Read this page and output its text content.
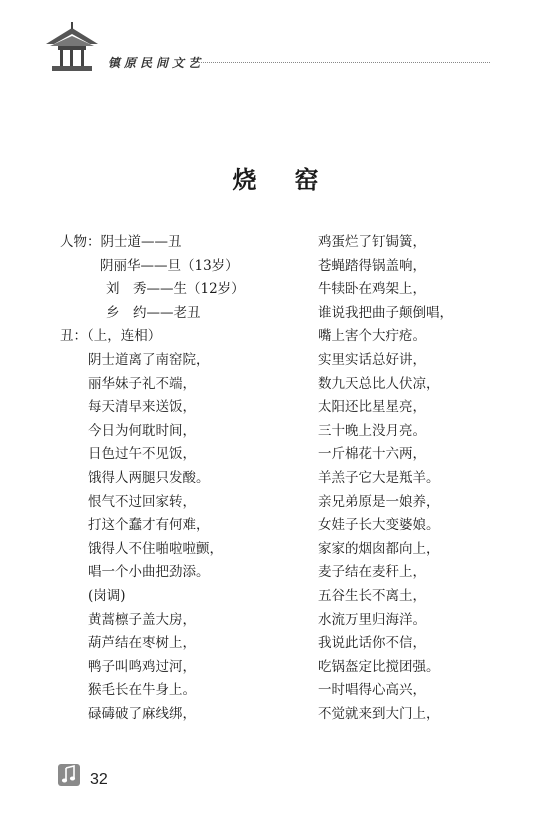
镇原民间文艺
烧窑
人物：阴士道——丑
阴丽华——旦（13岁）
刘　秀——生（12岁）
乡　约——老丑
丑：（上，连相）
阴士道离了南窑院，
丽华妹子礼不端，
每天清早来送饭，
今日为何耽时间，
日色过午不见饭，
饿得人两腿只发酸。
恨气不过回家转，
打这个蠢才有何难，
饿得人不住啪啦啦颤，
唱一个小曲把劲添。
(岗调)
黄蒿檩子盖大房，
葫芦结在枣树上，
鸭子叫鸣鸡过河，
猴毛长在牛身上。
碌碡破了麻线绑，
鸡蛋烂了钉锔簧，
苍蝇踏得锅盖响，
牛犊卧在鸡架上，
谁说我把曲子颠倒唱，
嘴上害个大疔疮。
实里实话总好讲，
数九天总比人伏凉，
太阳还比星星亮，
三十晚上没月亮。
一斤棉花十六两，
羊羔子它大是羝羊。
亲兄弟原是一娘养，
女娃子长大变婆娘。
家家的烟囱都向上，
麦子结在麦秆上，
五谷生长不离土，
水流万里归海洋。
我说此话你不信，
吃锅盔定比搅团强。
一时唱得心高兴，
不觉就来到大门上，
32
